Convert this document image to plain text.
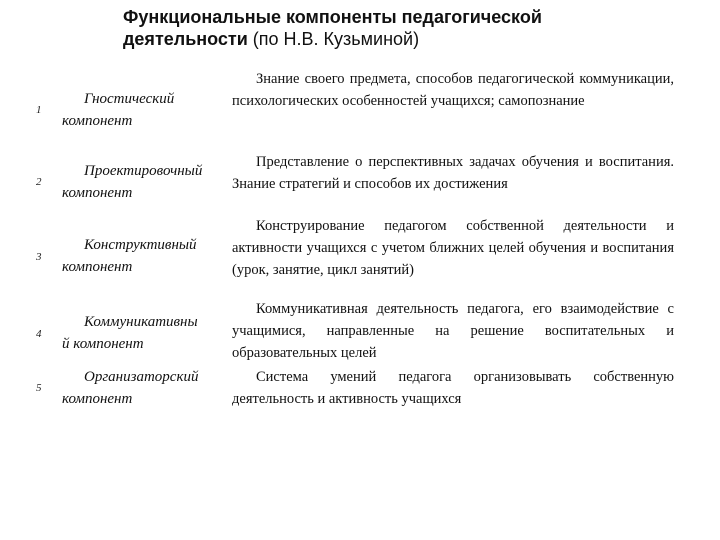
Функциональные компоненты педагогической деятельности (по Н.В. Кузьминой)
1
Гностический
компонент
Знание своего предмета, способов педагогической коммуникации, психологических особенностей учащихся; самопознание
2
Проектировочный
компонент
Представление о перспективных задачах обучения и воспитания. Знание стратегий и способов их достижения
3
Конструктивный
компонент
Конструирование педагогом собственной деятельности и активности учащихся с учетом ближних целей обучения и воспитания (урок, занятие, цикл занятий)
4
Коммуникативны
й компонент
Коммуникативная деятельность педагога, его взаимодействие с учащимися, направленные на решение воспитательных и образовательных целей
5
Организаторский
компонент
Система умений педагога организовывать собственную деятельность и активность учащихся
